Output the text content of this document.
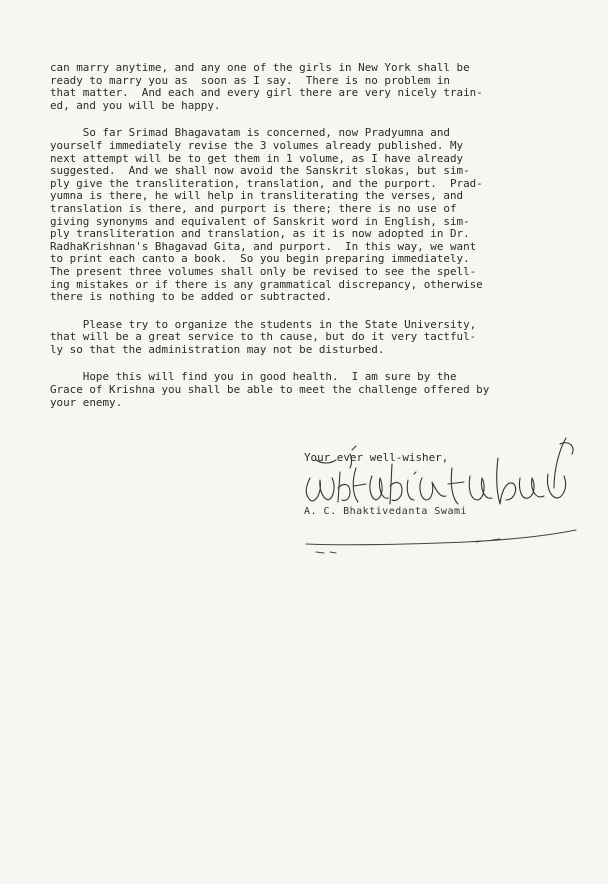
can marry anytime, and any one of the girls in New York shall be
ready to marry you as  soon as I say.  There is no problem in
that matter.  And each and every girl there are very nicely train-
ed, and you will be happy.
So far Srimad Bhagavatam is concerned, now Pradyumna and
yourself immediately revise the 3 volumes already published. My
next attempt will be to get them in 1 volume, as I have already
suggested.  And we shall now avoid the Sanskrit slokas, but sim-
ply give the transliteration, translation, and the purport.  Prad-
yumna is there, he will help in transliterating the verses, and
translation is there, and purport is there; there is no use of
giving synonyms and equivalent of Sanskrit word in English, sim-
ply transliteration and translation, as it is now adopted in Dr.
RadhaKrishnan's Bhagavad Gita, and purport.  In this way, we want
to print each canto a book.  So you begin preparing immediately.
The present three volumes shall only be revised to see the spell-
ing mistakes or if there is any grammatical discrepancy, otherwise
there is nothing to be added or subtracted.
Please try to organize the students in the State University,
that will be a great service to th cause, but do it very tactful-
ly so that the administration may not be disturbed.
Hope this will find you in good health.  I am sure by the
Grace of Krishna you shall be able to meet the challenge offered by
your enemy.
Your ever well-wisher,
A. C. Bhaktivedanta Swami
